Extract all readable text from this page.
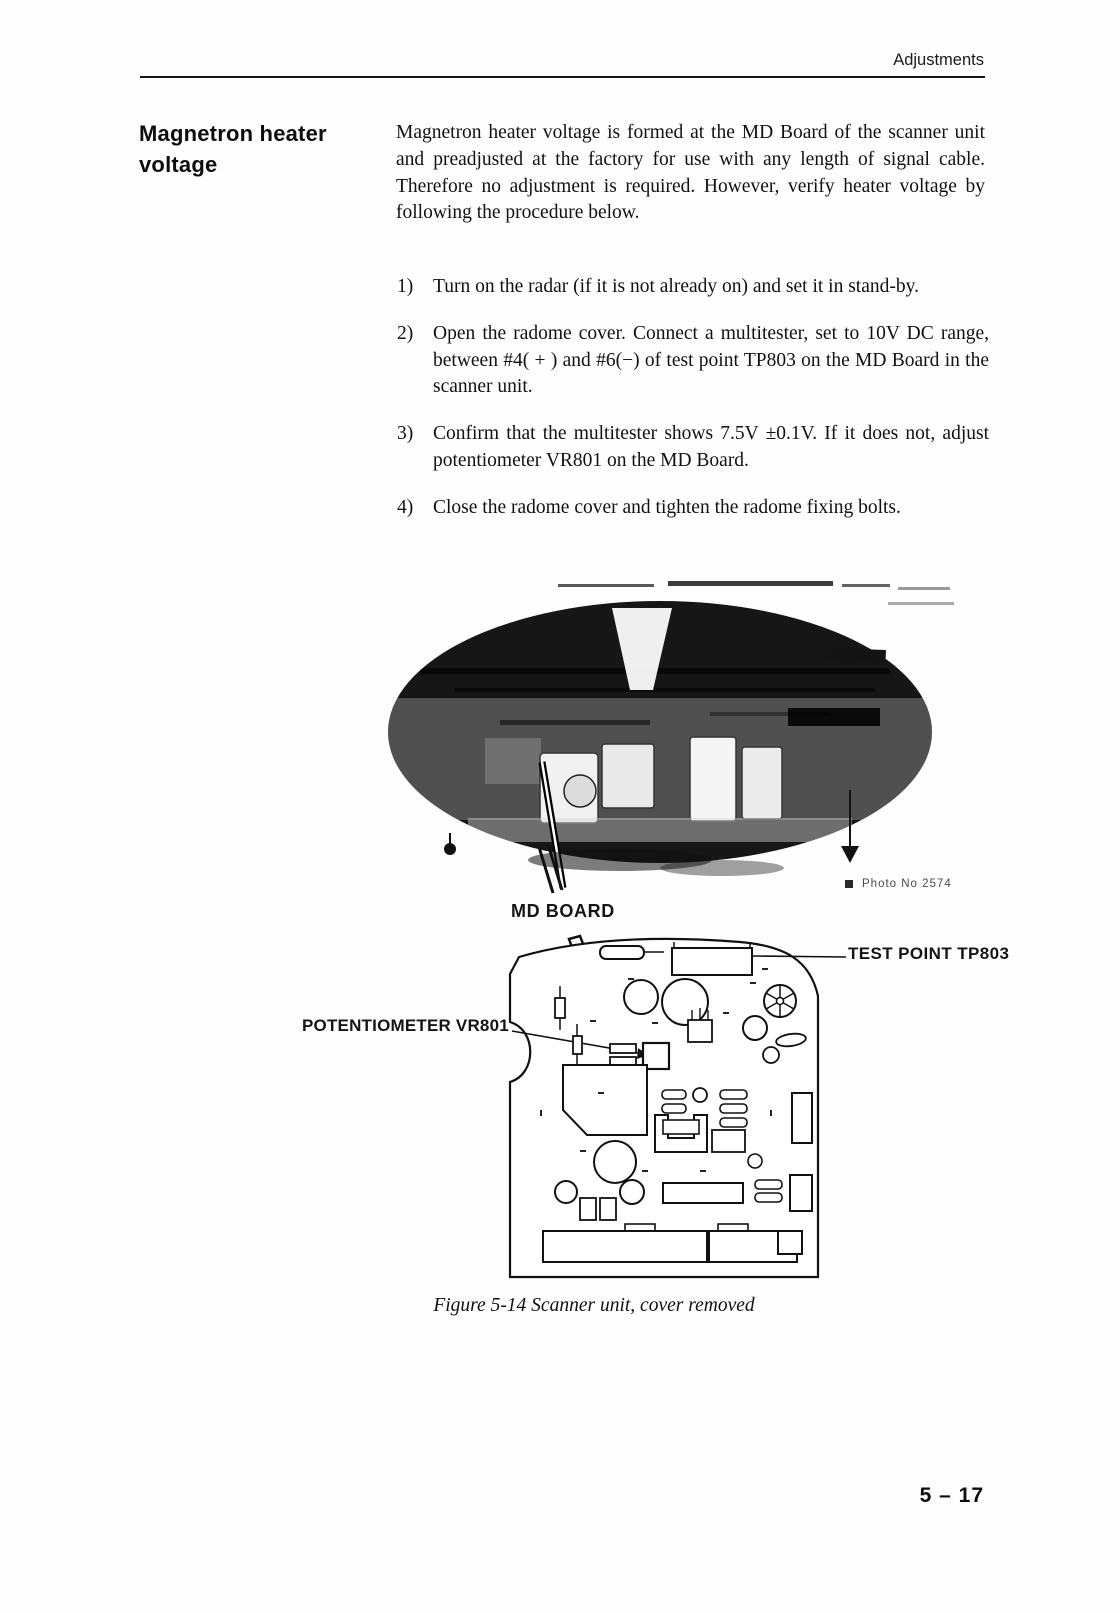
Adjustments
Magnetron heater
voltage

Magnetron heater voltage is formed at the MD Board of the scanner unit and preadjusted at the factory for use with any length of signal cable. Therefore no adjustment is required. However, verify heater voltage by following the procedure below.

1)	Turn on the radar (if it is not already on) and set it in stand-by.
2)	Open the radome cover. Connect a multitester, set to 10V DC range, between #4( + ) and #6(−) of test point TP803 on the MD Board in the scanner unit.
3)	Confirm that the multitester shows 7.5V ±0.1V. If it does not, adjust potentiometer VR801 on the MD Board.
4)	Close the radome cover and tighten the radome fixing bolts.
Photo No 2574
MD BOARD
TEST POINT TP803
POTENTIOMETER VR801
Figure 5-14 Scanner unit, cover removed
5 – 17
